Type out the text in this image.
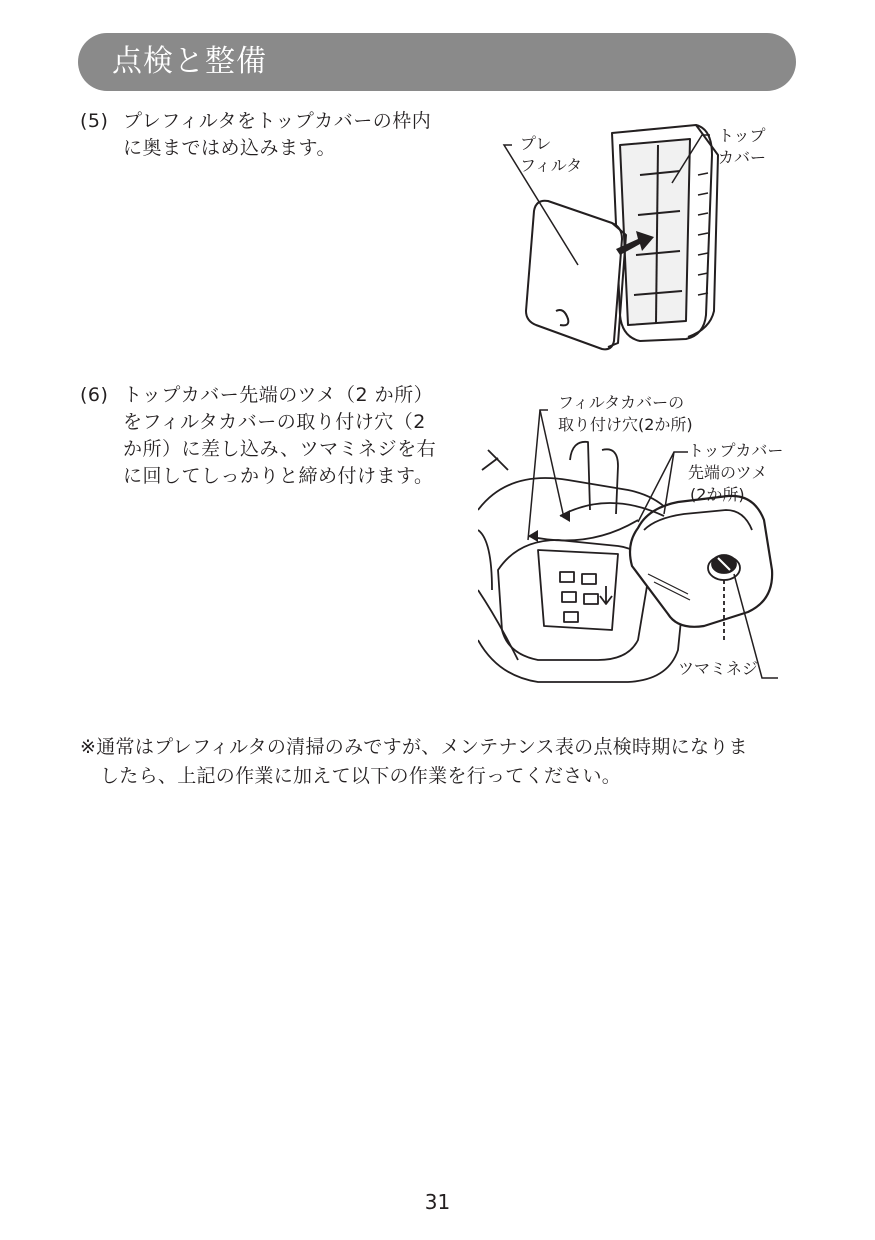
点検と整備
(5) プレフィルタをトップカバーの枠内
に奥まではめ込みます。
(6) トップカバー先端のツメ（2 か所）
をフィルタカバーの取り付け穴（2
か所）に差し込み、ツマミネジを右
に回してしっかりと締め付けます。
プレ
フィルタ
トップ
カバー
フィルタカバーの
取り付け穴(2か所)
トップカバー
先端のツメ
(2か所)
ツマミネジ
※通常はプレフィルタの清掃のみですが、メンテナンス表の点検時期になりま
したら、上記の作業に加えて以下の作業を行ってください。
31
